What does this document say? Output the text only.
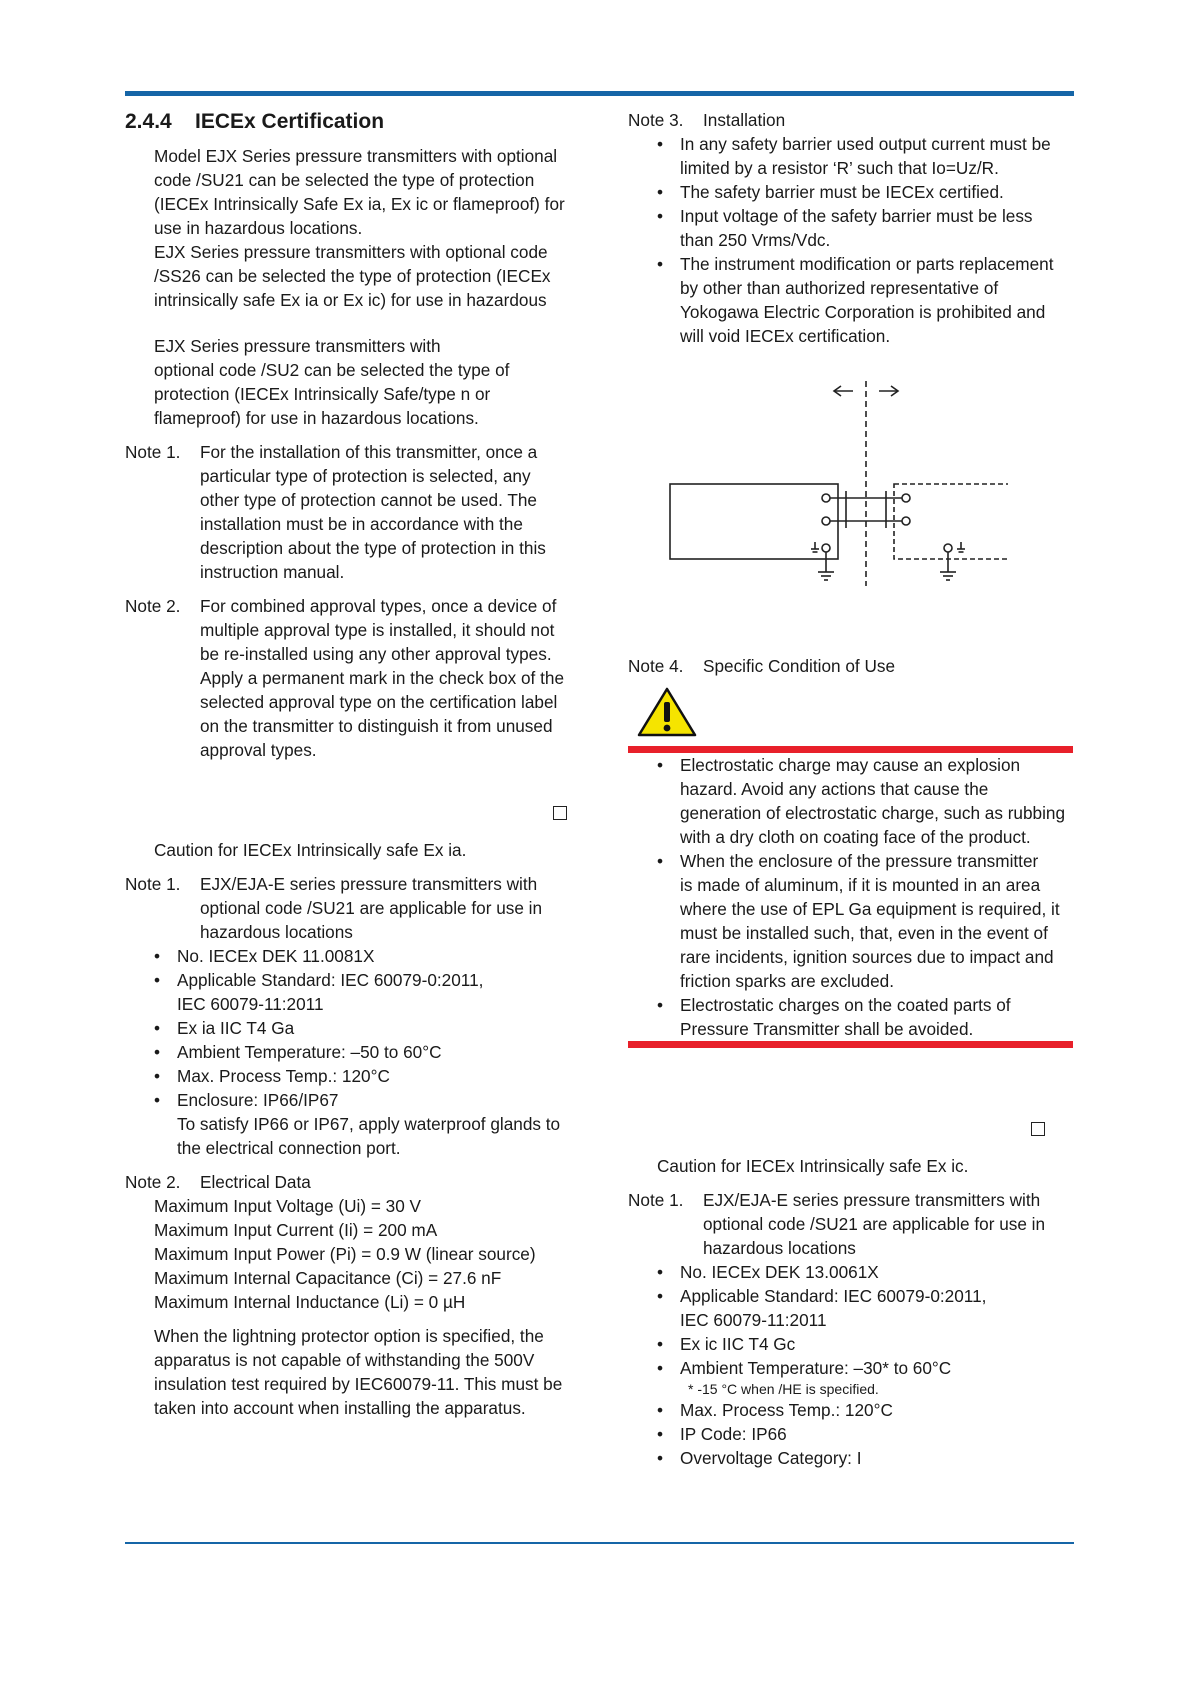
2.4.4 IECEx Certification
Model EJX Series pressure transmitters with optional
code /SU21 can be selected the type of protection
(IECEx Intrinsically Safe Ex ia, Ex ic or flameproof) for
use in hazardous locations.
EJX Series pressure transmitters with optional code
/SS26 can be selected the type of protection (IECEx
intrinsically safe Ex ia or Ex ic) for use in hazardous
EJX Series pressure transmitters with
optional code /SU2 can be selected the type of
protection (IECEx Intrinsically Safe/type n or
flameproof) for use in hazardous locations.
Note 1.	For the installation of this transmitter, once a
particular type of protection is selected, any
other type of protection cannot be used. The
installation must be in accordance with the
description about the type of protection in this
instruction manual.
Note 2.	For combined approval types, once a device of
multiple approval type is installed, it should not
be re-installed using any other approval types.
Apply a permanent mark in the check box of the
selected approval type on the certification label
on the transmitter to distinguish it from unused
approval types.
Caution for IECEx Intrinsically safe Ex ia.
Note 1.	EJX/EJA-E series pressure transmitters with
optional code /SU21 are applicable for use in
hazardous locations
• No. IECEx DEK 11.0081X
• Applicable Standard: IEC 60079-0:2011,
IEC 60079-11:2011
• Ex ia IIC T4 Ga
• Ambient Temperature: –50 to 60°C
• Max. Process Temp.: 120°C
• Enclosure: IP66/IP67
To satisfy IP66 or IP67, apply waterproof glands to
the electrical connection port.
Note 2.	Electrical Data
Maximum Input Voltage (Ui) = 30 V
Maximum Input Current (Ii) = 200 mA
Maximum Input Power (Pi) = 0.9 W (linear source)
Maximum Internal Capacitance (Ci) = 27.6 nF
Maximum Internal Inductance (Li) = 0 µH
When the lightning protector option is specified, the
apparatus is not capable of withstanding the 500V
insulation test required by IEC60079-11. This must be
taken into account when installing the apparatus.
Note 3.	Installation
• In any safety barrier used output current must be
limited by a resistor ‘R’ such that Io=Uz/R.
• The safety barrier must be IECEx certified.
• Input voltage of the safety barrier must be less
than 250 Vrms/Vdc.
• The instrument modification or parts replacement
by other than authorized representative of
Yokogawa Electric Corporation is prohibited and
will void IECEx certification.
Note 4.	Specific Condition of Use
• Electrostatic charge may cause an explosion
hazard. Avoid any actions that cause the
generation of electrostatic charge, such as rubbing
with a dry cloth on coating face of the product.
• When the enclosure of the pressure transmitter
is made of aluminum, if it is mounted in an area
where the use of EPL Ga equipment is required, it
must be installed such, that, even in the event of
rare incidents, ignition sources due to impact and
friction sparks are excluded.
• Electrostatic charges on the coated parts of
Pressure Transmitter shall be avoided.
Caution for IECEx Intrinsically safe Ex ic.
Note 1.	EJX/EJA-E series pressure transmitters with
optional code /SU21 are applicable for use in
hazardous locations
• No. IECEx DEK 13.0061X
• Applicable Standard: IEC 60079-0:2011,
IEC 60079-11:2011
• Ex ic IIC T4 Gc
• Ambient Temperature: –30* to 60°C
* -15 °C when /HE is specified.
• Max. Process Temp.: 120°C
• IP Code: IP66
• Overvoltage Category: I
